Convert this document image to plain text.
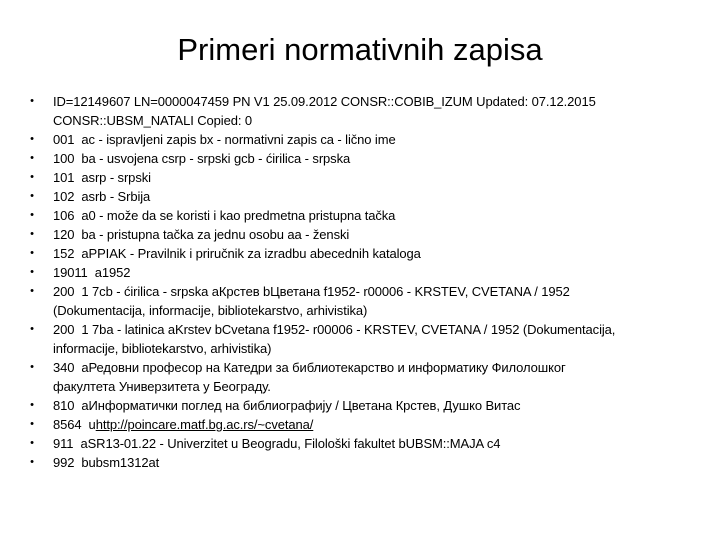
Primeri normativnih zapisa
•	ID=12149607 LN=0000047459 PN V1 25.09.2012 CONSR::COBIB_IZUM Updated: 07.12.2015
CONSR::UBSM_NATALI Copied: 0
•	001  ac - ispravljeni zapis bx - normativni zapis ca - lično ime
•	100  ba - usvojena csrp - srpski gcb - ćirilica - srpska
•	101  asrp - srpski
•	102  asrb - Srbija
•	106  a0 - može da se koristi i kao predmetna pristupna tačka
•	120  ba - pristupna tačka za jednu osobu aa - ženski
•	152  aPPIAK - Pravilnik i priručnik za izradbu abecednih kataloga
•	19011  a1952
•	200  1 7cb - ćirilica - srpska aКрстев bЦветана f1952- r00006 - KRSTEV, CVETANA / 1952
(Dokumentacija, informacije, bibliotekarstvo, arhivistika)
•	200  1 7ba - latinica aKrstev bCvetana f1952- r00006 - KRSTEV, CVETANA / 1952 (Dokumentacija,
informacije, bibliotekarstvo, arhivistika)
•	340  aРедовни професор на Катедри за библиотекарство и информатику Филолошког
факултета Универзитета у Београду.
•	810  aИнформатички поглед на библиографију / Цветана Крстев, Душко Витас
•	8564  uhttp://poincare.matf.bg.ac.rs/~cvetana/
•	911  aSR13-01.22 - Univerzitet u Beogradu, Filološki fakultet bUBSM::MAJA c4
•	992  bubsm1312at
